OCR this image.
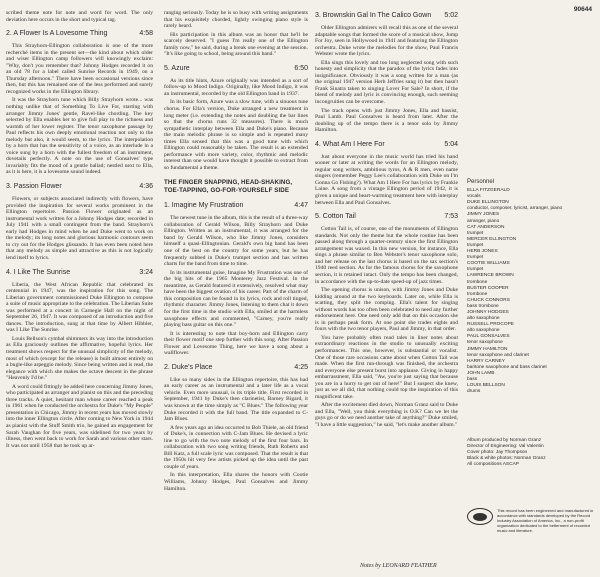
90644

scribed theme note for note and word for word. The only deviation here occurs in the short and typical tag.

2. A Flower Is A Lovesome Thing	4:58

This Strayhorn-Ellington collaboration is one of the more recherché items in the present set—the kind about which older and wiser Ellington camp followers will knowingly exclaim: "Why, don't you remember that? Johnny Hodges recorded it on an old 78 for a label called Sunrise Records in 1949, on a Thursday afternoon." There have been occasional versions since then, but this has remained one of the less performed and surely recognized works in the Ellington library.

It was the Strayhorn tune which Billy Strayhorn wrote... was nothing unlike that of Something To Live For, starting with arranger Jimmy Jones' gentle, Ravel-like chording. The key selected by Ella enables her to give full play to the richness and warmth of her lower register. The tenor saxophone passage by Paul reflects his own deeply emotional reaction not only to the melody but also, it would seem, to the lyrics. The interpolation by a horn that has the sensitivity of a voice, as an interlude in a voice sung by a horn with the fullest freedom of an instrument, dovetails perfectly. A note on the use of Gonsalves' type invariably fits the mood of a gentle ballad; nestled next to Ella, as it is here, it is a lovesome sound indeed.

3. Passion Flower	4:36

Flowers, or subjects associated indirectly with flowers, have provided the inspiration for several works prominent in the Ellington repertoire. Passion Flower originated as an instrumental work written for a Johnny Hodges date; recorded in July 1941 with a small contingent from the band. Strayhorn's early had Hodges in mind when he and Duke went to work on the melody; its long notes and glorious harmonic contours seem to cry out for the Hodges glissando. It has even been noted here that any melody as simple and attractive as this is not logically lend itself to lyrics.

4. I Like The Sunrise	3:24

Liberia, the West African Republic that celebrated its centennial in 1947, was the inspiration for this song. The Liberian government commissioned Duke Ellington to compose a suite of music appropriate to the celebration. The Liberian Suite was performed at a concert in Carnegie Hall on the night of September 26, 1947. It was composed of an introduction and five dances. The introduction, sung at that time by Albert Hibbler, was I Like The Sunrise.

Louis Bellson's cymbal shimmers its way into the introduction as Ella graciously outlines the affirmative, hopeful lyrics. Her treatment shows respect for the unusual simplicity of the melody, most of which (except for the release) is built almost entirely on a bugle-like arpeggio melody. Since being written and is read, the elegance with which she makes the octave descent in the phrase "Heavenly I'd be."

A word could fittingly be added here concerning Jimmy Jones, who participated as arranger and pianist on this and the preceding three tracks. A quiet, hesitant man whose career reached a peak in 1961 when he conducted the orchestra for Duke's "My People" presentation in Chicago, Jimmy in recent years has moved slowly into the inner Ellington circle. After coming to New York in 1944 as pianist with the Stuff Smith trio, he gained an engagement for Sarah Vaughan for five years, was sidelined for two years by illness, then went back to work for Sarah and various other stars. It was not until 1958 that he took up ar-

ranging seriously. Today he is so busy with writing assignments that his exquisitely chorded, lightly swinging piano style is rarely heard.

His participation in this album was an honor that he'll be scarcely deserved. "I guess I'm really one of the Ellington family now," he said, during a break one evening at the session. "It's like going to school, being around this band."

5. Azure	6:50

As its title hints, Azure originally was intended as a sort of follow-up to Mood Indigo. Originally, like Mood Indigo, it was an instrumental, recorded by the old Ellington band in 1937.

In its basic form, Azure was a slow tune, with a sinuous tune chorus. For Ella's version, Duke arranged a new treatment in long meter (i.e. extending the notes and doubling the bar lines so that the chorus runs 32 measures). There is much sympathetic interplay between Ella and Duke's piano. Because the main melodic phrase is so simple and is repeated many times Ella sensed that this was a good tune with which Ellington could reasonably be taken. The result is an extended performance with more variety, color, rhythmic and melodic interest than one would have thought it possible to extract from so fundamental a theme.

THE FINGER SNAPPING, HEAD-SHAKING, TOE-TAPPING, GO-FOR-YOURSELF SIDE
1. Imagine My Frustration	4:47

The newest tune in the album, this is the result of a three-way collaboration of Gerald Wilson, Billy Strayhorn and Duke Ellington. Written as an instrumental, it was arranged for the band by Gerald Wilson, who like Jimmy Jones, considers himself a quasi-Ellingtonian. Gerald's own big band has been one of the best on the country for some years, but he has frequently subbed in Duke's trumpet section and has written charts for the band from time to time.

In its instrumental guise, Imagine My Frustration was one of the big hits of the 1965 Monterey Jazz Festival. In the meantime, as Gerald featured it extensively, resolved what may have been the biggest ovation of his career. Part of the charm of this composition can be found in its lyrics, rock and roll tinged, rhythmic character. Jimmy Jones, listening to them chat it down for the first time in the studio with Ella, smiled at the harmless saxophone effects and commented, "Carney, you're really playing bass guitar on this one."

It is interesting to note that boy-horn and Ellington carry their flower motif one step further with this song. After Passion Flower and Lovesome Thing, here we have a song about a wallflower.

2. Duke's Place	4:25

Like so many sides in the Ellington repertoire, this has had an early career as an instrumental and a later life as a vocal vehicle. Even more unusual, is its triple title. First recorded in September, 1941 by Duke's then clarinetist, Barney Bigard, it was known at the time simply as "C Blues." The following year Duke recorded it with the full band. The title expanded to C-Jam Blues.

A few years ago an idea occurred to Bob Thiele, an old friend of Duke's, in connection with C-Jam Blues. He devised a lyric line to go with the two note melody of the first four bars. In collaboration with two song writing friends, Ruth Roberts and Bill Katz, a full scale lyric was composed. That the result is that the 1950s hit very few artists picked up the idea until the past couple of years.

In this interpretation, Ella shares the honors with Cootie Williams, Johnny Hodges, Paul Gonsalves and Jimmy Hamilton.

3. Brownskin Gal In The Calico Gown 5:02

Older Ellington admirers will recall this as one of the several adaptable songs that formed the score of a musical show, Jump For Joy, seen in Hollywood in 1941 and featuring the Ellington orchestra. Duke wrote the melodies for the show, Paul Francis Webster wrote the lyrics.

Ella sings this lovely and too long neglected song with such honesty and simplicity that the paradox of the lyrics fades into insignificance. Obviously it was a song written for a man (as the original 1947 version Herb Jeffries sung it) but then hasn't Frank Sinatra taken to singing Lover For Sale? In short, if the blend of melody and lyric is convincing enough, such seeming incongruities can be overcome.

The track opens with just Jimmy Jones, Ella and bassist, Paul Lamb. Paul Gonsalves is heard from later. After the doubling up of the tempo there is a tenor solo by Jimmy Hamilton.

4. What Am I Here For	5:04

Just about everyone in the music world has tried his hand sooner or later at writing the words for an Ellington melody, regular song writers, ambitious tyros, A & R men, even name singers (remember Peggy Lee's collaboration with Duke on I'm Gonna Go Fishing?). What Am I Here For has lyrics by Frankie Laine. A song from a vintage Ellington period of 1942, it is given a unique and heart-warming treatment here with interplay between Ella and Paul Gonsalves.

5. Cotton Tail	7:53

Cotton Tail is, of course, one of the monuments of Ellington standards. Not only the theme but the whole routine has been passed along through a quarter-century since the first Ellington arrangement was waxed. In this new version, for instance, Ella sings a phrase similar to Ben Webster's tenor saxophone solo, and her release on the last chorus is based on the sax section's 1940 reed section. As for the famous chorus for the saxophone section, it is retained intact. Only the tempo has been changed, in accordance with the up-to-date speed-up of jazz times.

The opening chorus is unison, with Jimmy Jones and Duke kidding around at the two keyboards. Later on, while Ella is scatting, they split the comping. Ella's talent for singing without words has too often been celebrated to need any further endorsement here. One need only add that on this occasion she is in perhaps peak form. At one point she trades eights and fours with the two tenor players, Paul and Jimmy, in that order.

You have probably often read tales in liner notes about extraordinary reactions in the studio to unusually exciting performances. This one, however, is substantial or vocalist. One of those rare occasions came about when Cotton Tail was made. When the first run-through was finished, the orchestra and everyone else present burst into applause. Giving in happy embarrassment, Ella said, "Aw, you're just saying that because you are in a hurry to get out of here!" But I suspect she knew, just as we all did, that nothing could top the inspiration of this magnificent take.

After the excitement died down, Norman Granz said to Duke and Ella, "Well, you think everything is O.K? Can we let the guys go or do we need another take of anything?" Duke smiled, "I have a little suggestion," he said, "let's make another album."

Notes by LEONARD FEATHER
Personnel
ELLA FITZGERALD
vocals
DUKE ELLINGTON
conductor, composer, lyricist, arranger, piano
JIMMY JONES
arranger, piano
CAT ANDERSON
trumpet
MERCER ELLINGTON
trumpet
HERB JONES
trumpet
COOTIE WILLIAMS
trumpet
LAWRENCE BROWN
trombone
BUSTER COOPER
trombone
CHUCK CONNORS
bass trombone
JOHNNY HODGES
alto saxophone
RUSSELL PROCOPE
alto saxophone
PAUL GONSALVES
tenor saxophone
JIMMY HAMILTON
tenor saxophone and clarinet
HARRY CARNEY
baritone saxophone and bass clarinet
JOHN LAMB
bass
LOUIS BELLSON
drums
Album produced by Norman Granz
Director of Engineering: Val Valentin
Cover photo: Jay Thompson
Black & white photos: Norman Granz
All compositions ASCAP
This record has been engineered and manufactured in accordance with standards developed by the Record Industry Association of America, Inc., a non-profit organization dedicated to the betterment of recorded music and literature.
